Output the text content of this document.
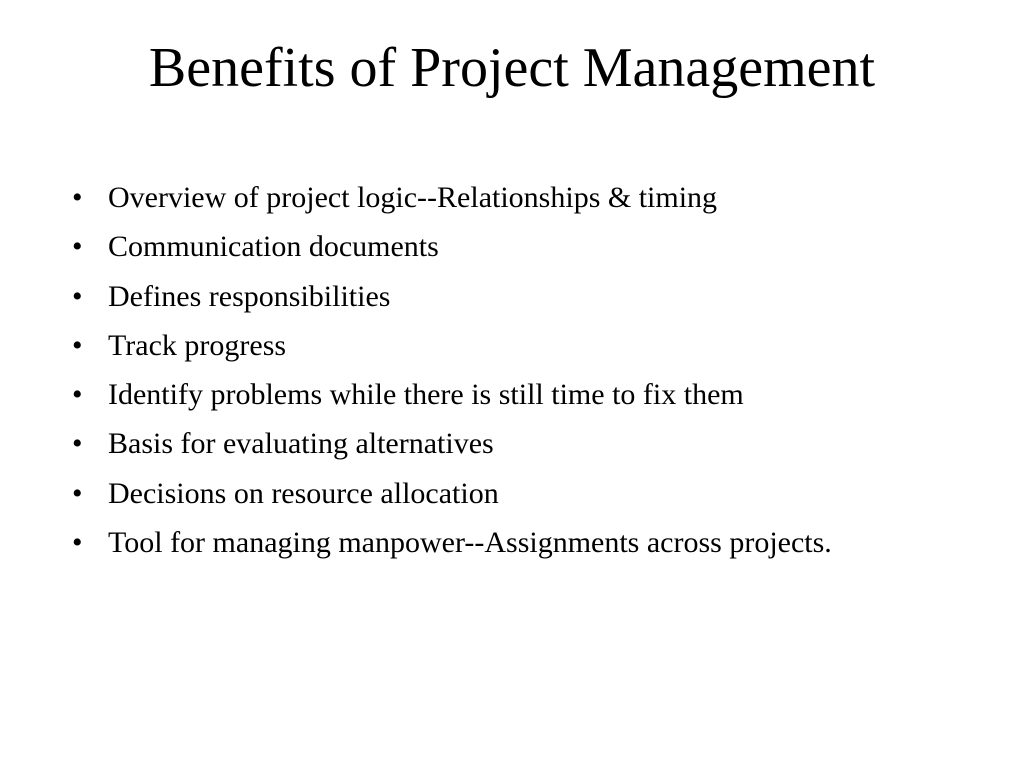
Benefits of Project Management
• Overview of project logic--Relationships & timing
• Communication documents
• Defines responsibilities
• Track progress
• Identify problems while there is still time to fix them
• Basis for evaluating alternatives
• Decisions on resource allocation
• Tool for managing manpower--Assignments across projects.
